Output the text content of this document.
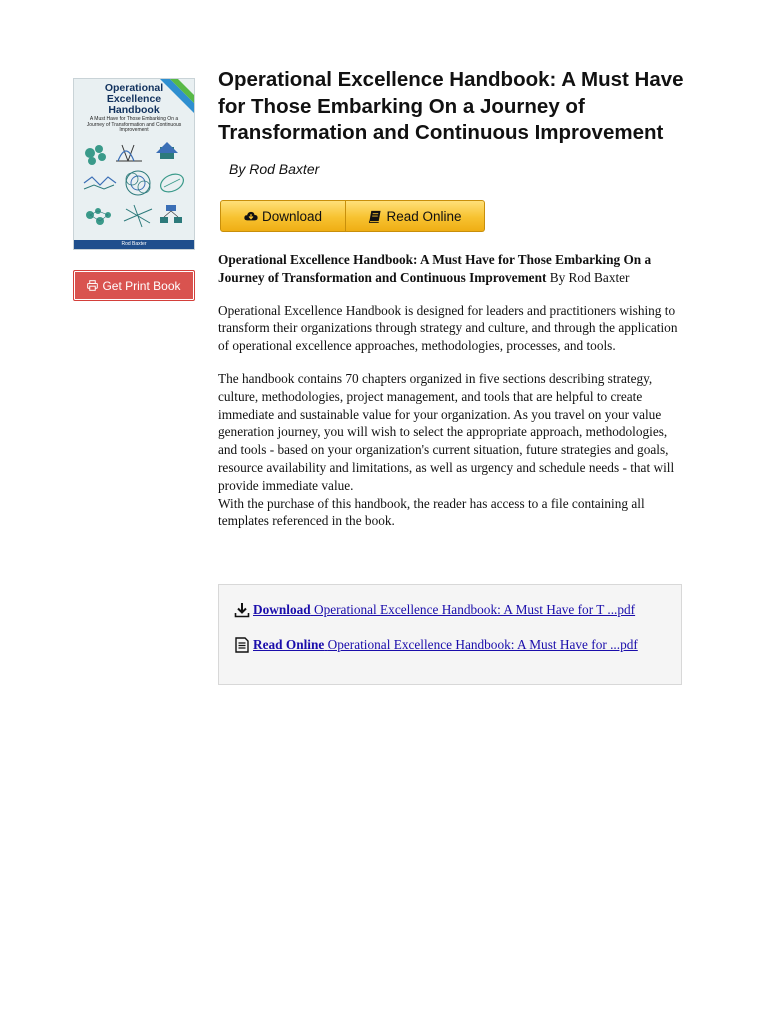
Operational Excellence Handbook
A Must Have for Those Embarking On a Journey of Transformation and Continuous Improvement
Rod Baxter
Get Print Book
Operational Excellence Handbook: A Must Have for Those Embarking On a Journey of Transformation and Continuous Improvement

By Rod Baxter

Download	Read Online

Operational Excellence Handbook: A Must Have for Those Embarking On a Journey of Transformation and Continuous Improvement By Rod Baxter

Operational Excellence Handbook is designed for leaders and practitioners wishing to transform their organizations through strategy and culture, and through the application of operational excellence approaches, methodologies, processes, and tools.

The handbook contains 70 chapters organized in five sections describing strategy, culture, methodologies, project management, and tools that are helpful to create immediate and sustainable value for your organization. As you travel on your value generation journey, you will wish to select the appropriate approach, methodologies, and tools - based on your organization's current situation, future strategies and goals, resource availability and limitations, as well as urgency and schedule needs - that will provide immediate value.

With the purchase of this handbook, the reader has access to a file containing all templates referenced in the book.

Download Operational Excellence Handbook: A Must Have for T ...pdf
Read Online Operational Excellence Handbook: A Must Have for ...pdf
